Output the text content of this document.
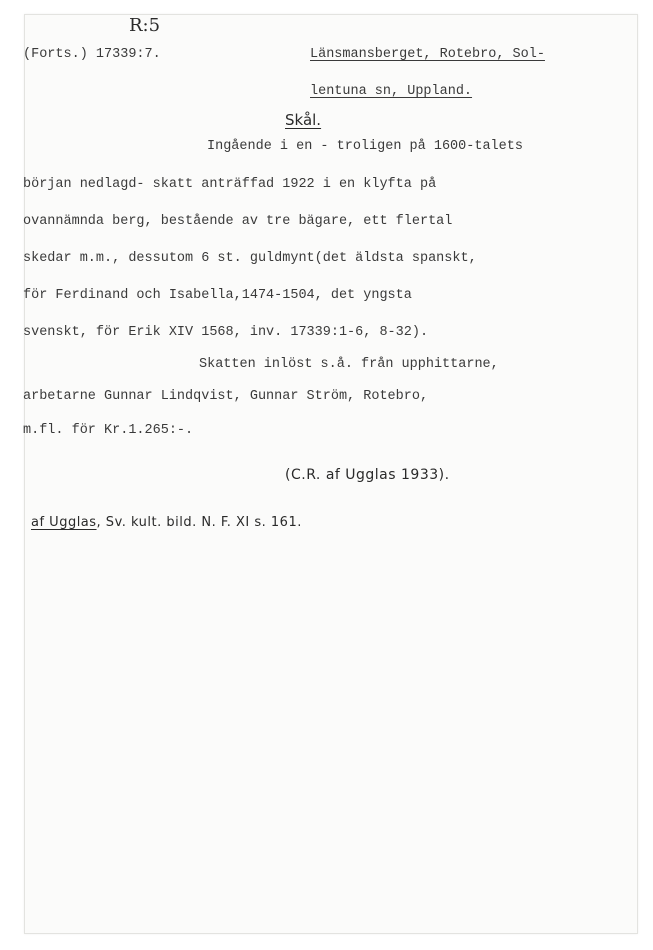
R:5
(Forts.) 17339:7.	Länsmansberget, Rotebro, Sol-
lentuna sn, Uppland.
Skål.
Ingående i en - troligen på 1600-talets
början nedlagd- skatt anträffad 1922 i en klyfta på
ovannämnda berg, bestående av tre bägare, ett flertal
skedar m.m., dessutom 6 st. guldmynt(det äldsta spanskt,
för Ferdinand och Isabella,1474-1504, det yngsta
svenskt, för Erik XIV 1568, inv. 17339:1-6, 8-32).
Skatten inlöst s.å. från upphittarne,
arbetarne Gunnar Lindqvist, Gunnar Ström, Rotebro,
m.fl. för Kr.1.265:-.
(C.R. af Ugglas 1933).
af Ugglas, Sv. kult. bild. N. F. XI s. 161.
